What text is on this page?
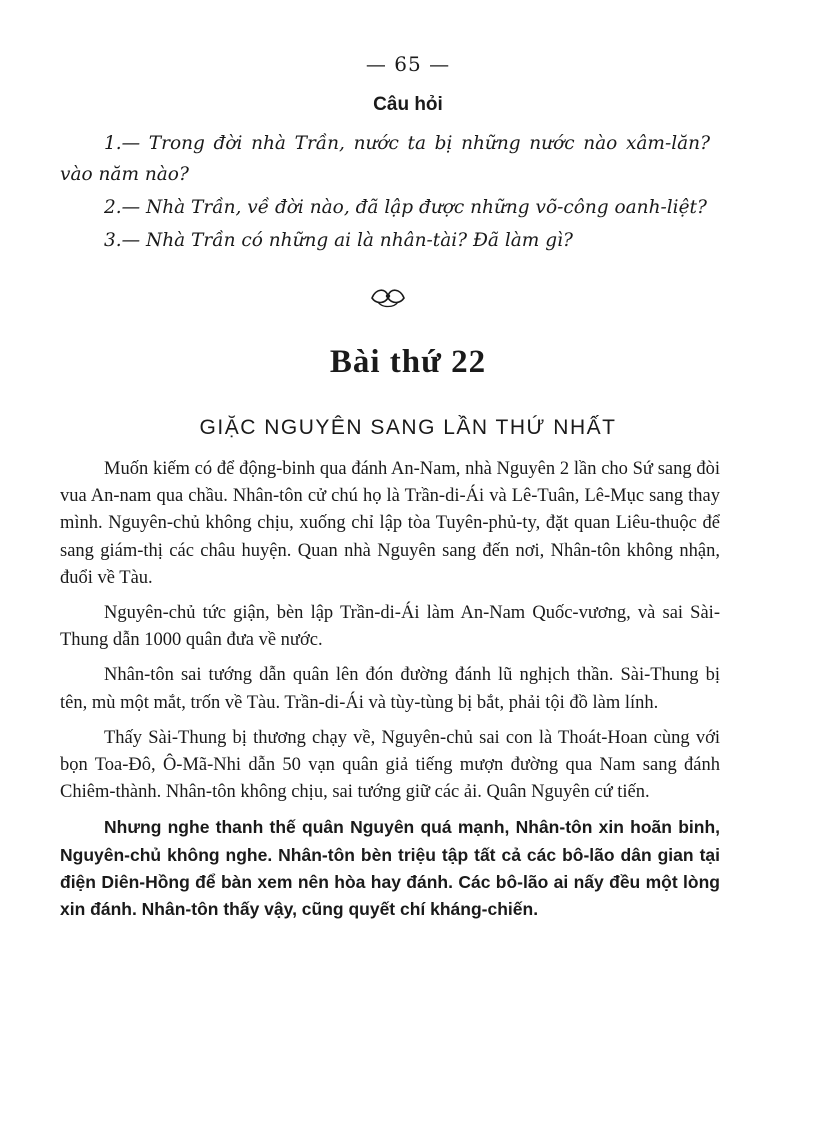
— 65 —
Câu hỏi

1.— Trong đời nhà Trần, nước ta bị những nước nào xâm-lăn? vào năm nào?

2.— Nhà Trần, về đời nào, đã lập được những võ-công oanh-liệt?

3.— Nhà Trần có những ai là nhân-tài? Đã làm gì?

Bài thứ 22
GIẶC NGUYÊN SANG LẦN THỨ NHẤT

Muốn kiếm có để động-binh qua đánh An-Nam, nhà Nguyên 2 lần cho Sứ sang đòi vua An-nam qua chầu. Nhân-tôn cử chú họ là Trần-di-Ái và Lê-Tuân, Lê-Mục sang thay mình. Nguyên-chủ không chịu, xuống chỉ lập tòa Tuyên-phủ-ty, đặt quan Liêu-thuộc để sang giám-thị các châu huyện. Quan nhà Nguyên sang đến nơi, Nhân-tôn không nhận, đuổi về Tàu.

Nguyên-chủ tức giận, bèn lập Trần-di-Ái làm An-Nam Quốc-vương, và sai Sài-Thung dẫn 1000 quân đưa về nước.

Nhân-tôn sai tướng dẫn quân lên đón đường đánh lũ nghịch thần. Sài-Thung bị tên, mù một mắt, trốn về Tàu. Trần-di-Ái và tùy-tùng bị bắt, phải tội đồ làm lính.

Thấy Sài-Thung bị thương chạy về, Nguyên-chủ sai con là Thoát-Hoan cùng với bọn Toa-Đô, Ô-Mã-Nhi dẫn 50 vạn quân giả tiếng mượn đường qua Nam sang đánh Chiêm-thành. Nhân-tôn không chịu, sai tướng giữ các ải. Quân Nguyên cứ tiến.

Nhưng nghe thanh thế quân Nguyên quá mạnh, Nhân-tôn xin hoãn binh, Nguyên-chủ không nghe. Nhân-tôn bèn triệu tập tất cả các bô-lão dân gian tại điện Diên-Hồng để bàn xem nên hòa hay đánh. Các bô-lão ai nấy đều một lòng xin đánh. Nhân-tôn thấy vậy, cũng quyết chí kháng-chiến.
